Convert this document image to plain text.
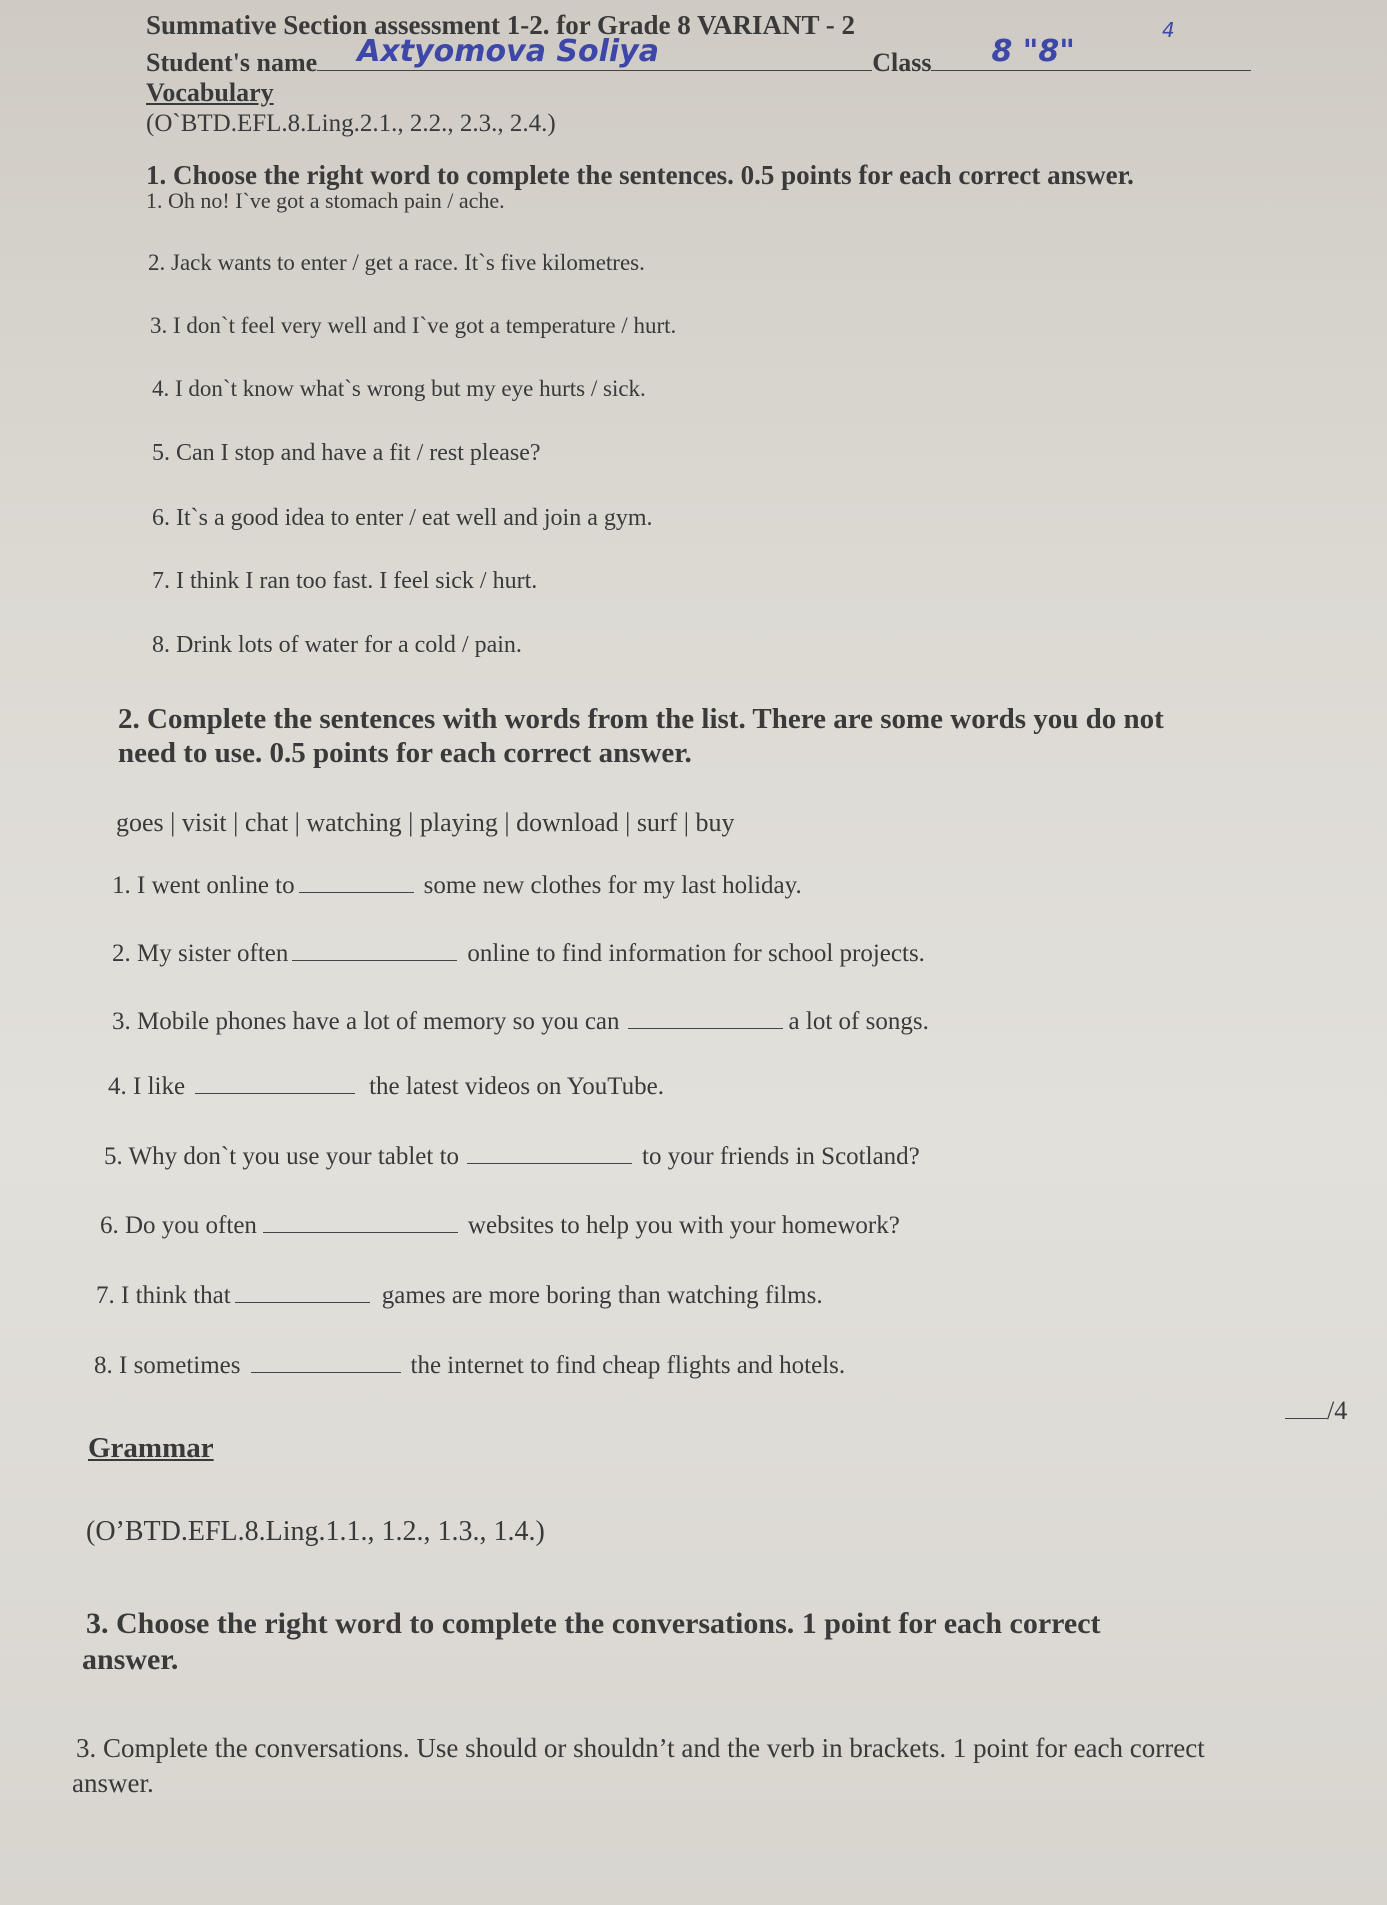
Summative Section assessment 1-2. for Grade 8 VARIANT - 2	4
Student's name Axtyomova Soliya	Class 8 "8"
Vocabulary
(O`BTD.EFL.8.Ling.2.1., 2.2., 2.3., 2.4.)
1. Choose the right word to complete the sentences. 0.5 points for each correct answer.
1. Oh no! I`ve got a stomach pain / ache.
2. Jack wants to enter / get a race. It`s five kilometres.
3. I don`t feel very well and I`ve got a temperature / hurt.
4. I don`t know what`s wrong but my eye hurts / sick.
5. Can I stop and have a fit / rest please?
6. It`s a good idea to enter / eat well and join a gym.
7. I think I ran too fast. I feel sick / hurt.
8. Drink lots of water for a cold / pain.
2. Complete the sentences with words from the list. There are some words you do not
need to use. 0.5 points for each correct answer.
goes | visit | chat | watching | playing | download | surf | buy
1. I went online to	some new clothes for my last holiday.
2. My sister often	online to find information for school projects.
3. Mobile phones have a lot of memory so you can	a lot of songs.
4. I like	the latest videos on YouTube.
5. Why don`t you use your tablet to	to your friends in Scotland?
6. Do you often	websites to help you with your homework?
7. I think that	games are more boring than watching films.
8. I sometimes	the internet to find cheap flights and hotels.
/4
Grammar
(O’BTD.EFL.8.Ling.1.1., 1.2., 1.3., 1.4.)
3. Choose the right word to complete the conversations. 1 point for each correct
answer.
3. Complete the conversations. Use should or shouldn’t and the verb in brackets. 1 point for each correct
answer.
